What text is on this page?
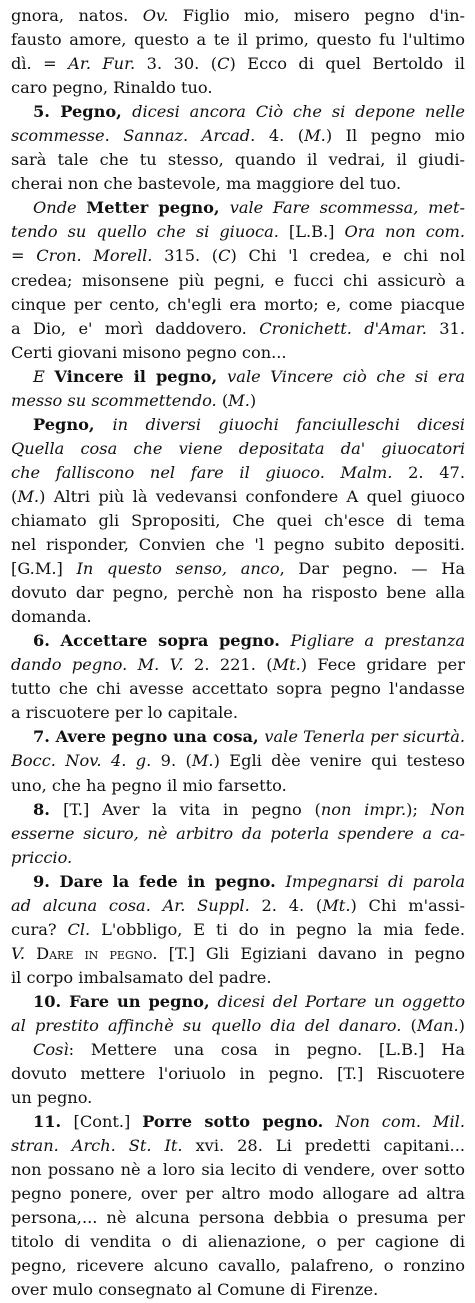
gnora, natos. Ov. Figlio mio, misero pegno d'in-
fausto amore, questo a te il primo, questo fu l'ultimo
dì. = Ar. Fur. 3. 30. (C) Ecco di quel Bertoldo il
caro pegno, Rinaldo tuo.
5. Pegno, dicesi ancora Ciò che si depone nelle
scommesse. Sannaz. Arcad. 4. (M.) Il pegno mio
sarà tale che tu stesso, quando il vedrai, il giudi-
cherai non che bastevole, ma maggiore del tuo.
Onde Metter pegno, vale Fare scommessa, met-
tendo su quello che si giuoca. [L.B.] Ora non com.
= Cron. Morell. 315. (C) Chi 'l credea, e chi nol
credea; misonsene più pegni, e fucci chi assicurò a
cinque per cento, ch'egli era morto; e, come piacque
a Dio, e' morì daddovero. Cronichett. d'Amar. 31.
Certi giovani misono pegno con...
E Vincere il pegno, vale Vincere ciò che si era
messo su scommettendo. (M.)
Pegno, in diversi giuochi fanciulleschi dicesi
Quella cosa che viene depositata da' giuocatori
che falliscono nel fare il giuoco. Malm. 2. 47.
(M.) Altri più là vedevansi confondere A quel giuoco
chiamato gli Spropositi, Che quei ch'esce di tema
nel risponder, Convien che 'l pegno subito depositi.
[G.M.] In questo senso, anco, Dar pegno. — Ha
dovuto dar pegno, perchè non ha risposto bene alla
domanda.
6. Accettare sopra pegno. Pigliare a prestanza
dando pegno. M. V. 2. 221. (Mt.) Fece gridare per
tutto che chi avesse accettato sopra pegno l'andasse
a riscuotere per lo capitale.
7. Avere pegno una cosa, vale Tenerla per sicurtà.
Bocc. Nov. 4. g. 9. (M.) Egli dèe venire qui testeso
uno, che ha pegno il mio farsetto.
8. [T.] Aver la vita in pegno (non impr.); Non
esserne sicuro, nè arbitro da poterla spendere a ca-
priccio.
9. Dare la fede in pegno. Impegnarsi di parola
ad alcuna cosa. Ar. Suppl. 2. 4. (Mt.) Chi m'assi-
cura? Cl. L'obbligo, E ti do in pegno la mia fede.
V. Dare in pegno. [T.] Gli Egiziani davano in pegno
il corpo imbalsamato del padre.
10. Fare un pegno, dicesi del Portare un oggetto
al prestito affinchè su quello dia del danaro. (Man.)
Così: Mettere una cosa in pegno. [L.B.] Ha
dovuto mettere l'oriuolo in pegno. [T.] Riscuotere
un pegno.
11. [Cont.] Porre sotto pegno. Non com. Mil.
stran. Arch. St. It. xvi. 28. Li predetti capitani...
non possano nè a loro sia lecito di vendere, over sotto
pegno ponere, over per altro modo allogare ad altra
persona,... nè alcuna persona debbia o presuma per
titolo di vendita o di alienazione, o per cagione di
pegno, ricevere alcuno cavallo, palafreno, o ronzino
over mulo consegnato al Comune di Firenze.
